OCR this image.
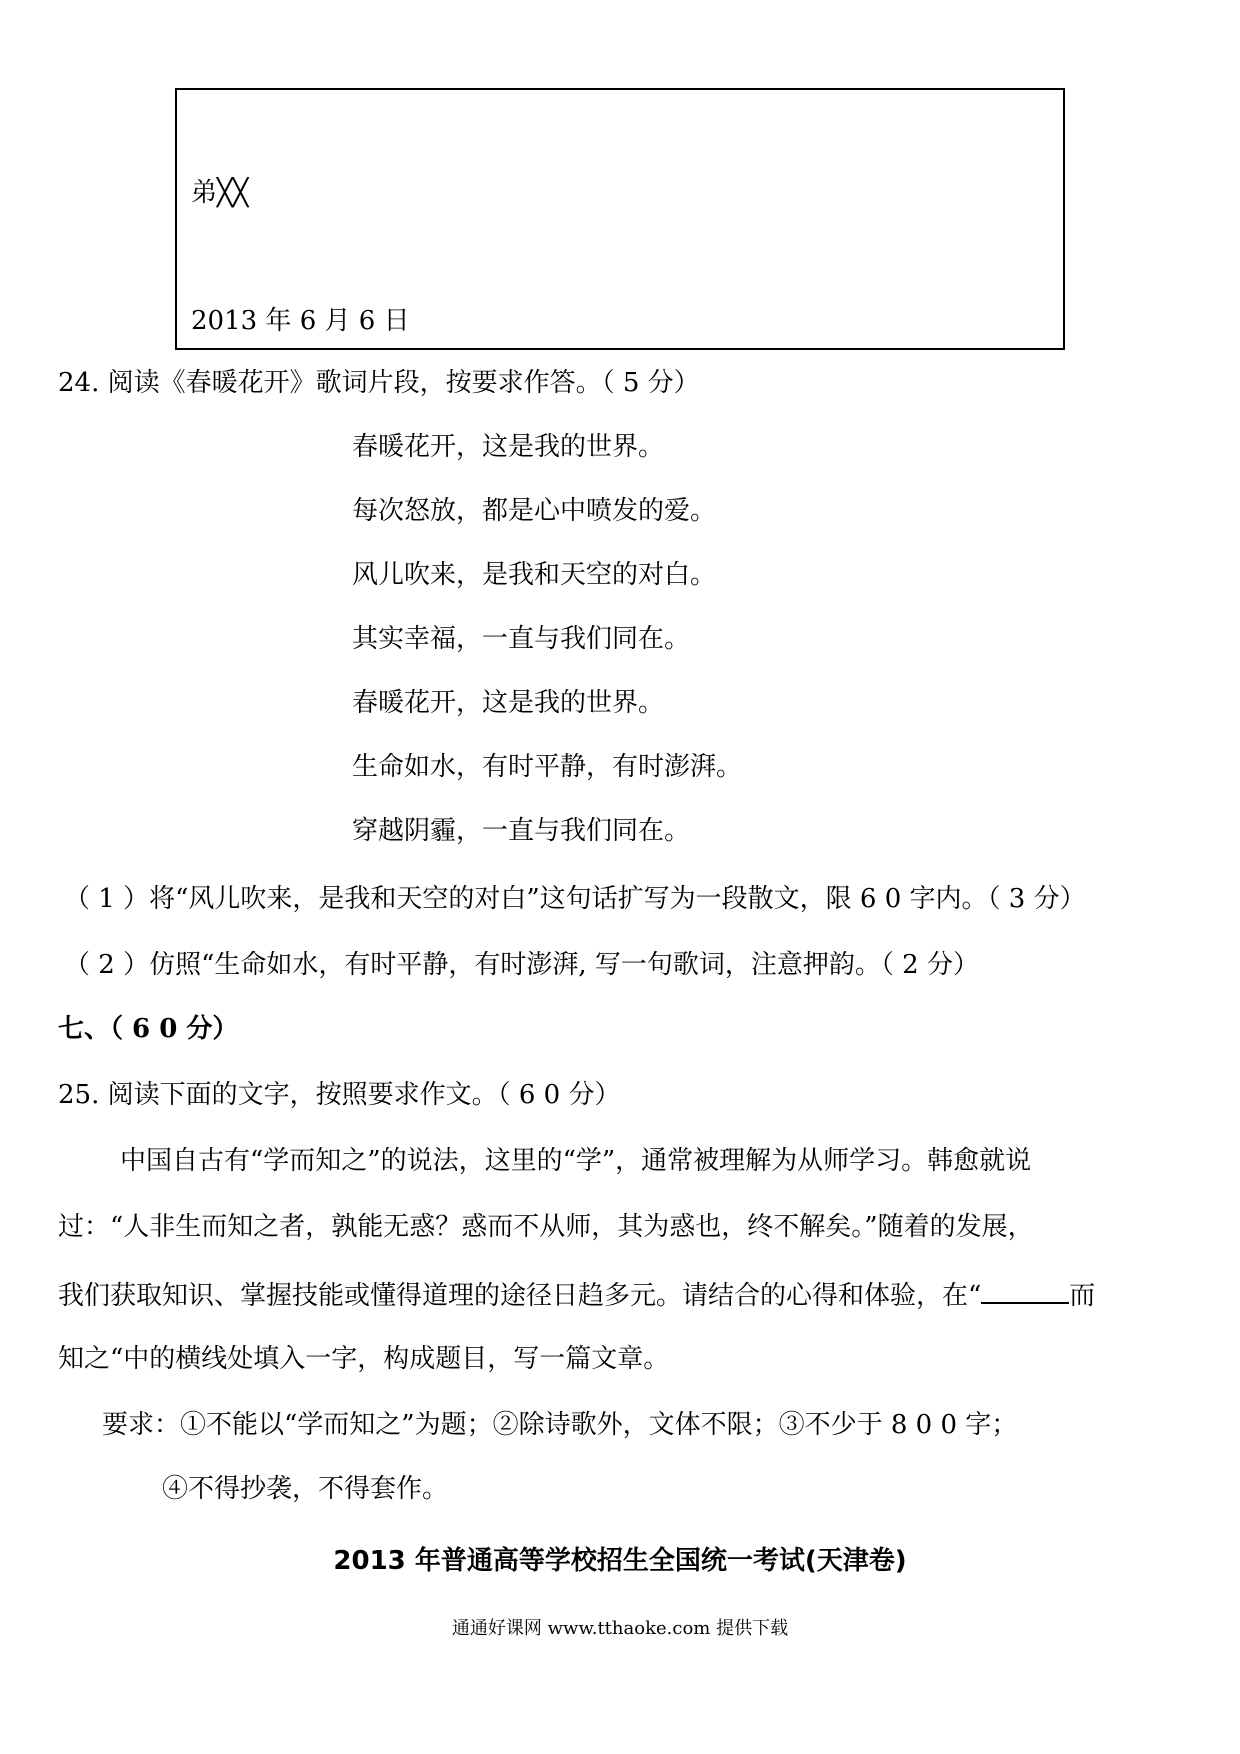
弟╳╳
2013 年 6 月 6 日
24. 阅读《春暖花开》歌词片段，按要求作答。（ 5 分）
春暖花开，这是我的世界。
每次怒放，都是心中喷发的爱。
风儿吹来，是我和天空的对白。
其实幸福，一直与我们同在。
春暖花开，这是我的世界。
生命如水，有时平静，有时澎湃。
穿越阴霾，一直与我们同在。
（ 1 ）将“风儿吹来，是我和天空的对白”这句话扩写为一段散文，限 6 0 字内。（ 3 分）
（ 2 ）仿照“生命如水，有时平静，有时澎湃, 写一句歌词，注意押韵。（ 2 分）
七、（ 6 0 分）
25. 阅读下面的文字，按照要求作文。（ 6 0 分）
中国自古有“学而知之”的说法，这里的“学”，通常被理解为从师学习。韩愈就说
过：“人非生而知之者，孰能无惑？惑而不从师，其为惑也，终不解矣。”随着的发展，
我们获取知识、掌握技能或懂得道理的途径日趋多元。请结合的心得和体验，在“	而
知之“中的横线处填入一字，构成题目，写一篇文章。
要求：①不能以“学而知之”为题；②除诗歌外，文体不限；③不少于 8 0 0 字；
④不得抄袭，不得套作。
2013 年普通高等学校招生全国统一考试(天津卷)
通通好课网 www.tthaoke.com 提供下载
